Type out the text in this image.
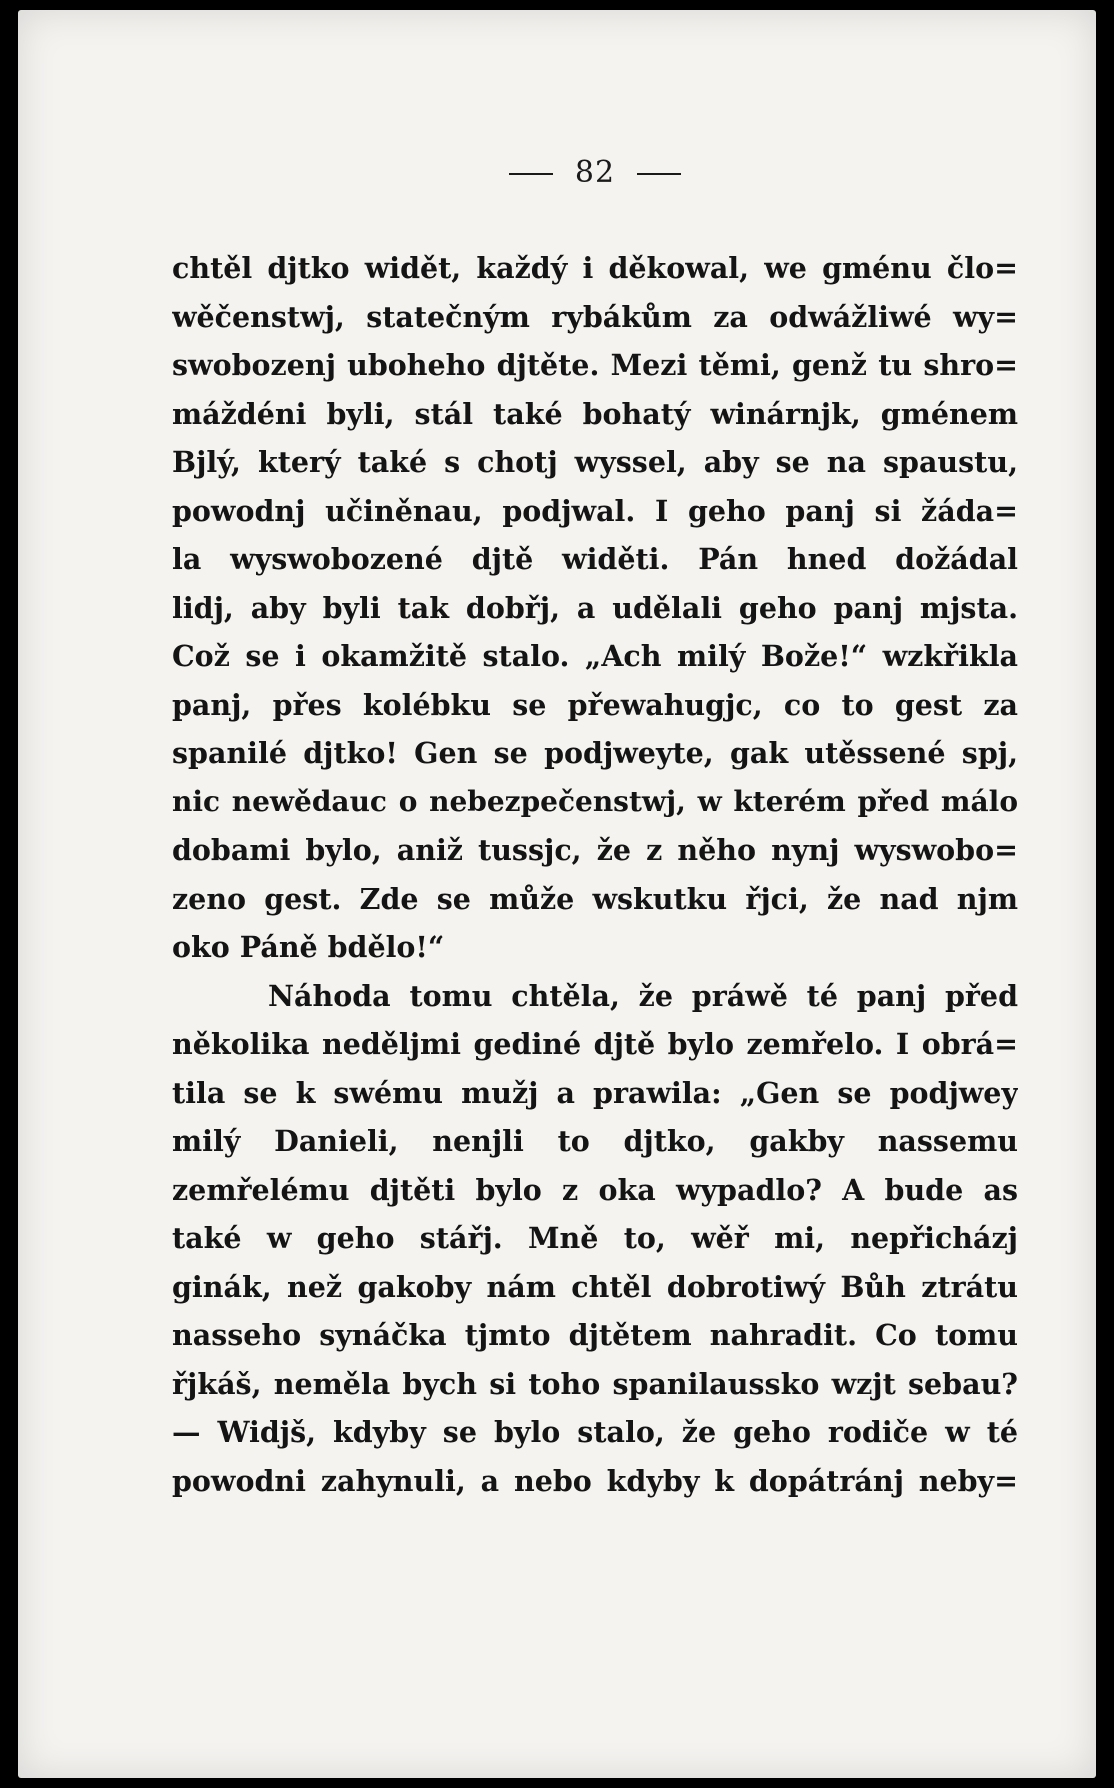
82
chtěl djtko widět, každý i děkowal, we gménu člo=
wěčenstwj, statečným rybákům za odwážliwé wy=
swobozenj uboheho djtěte. Mezi těmi, genž tu shro=
máždéni byli, stál také bohatý winárnjk, gménem
Bjlý, který také s chotj wyssel, aby se na spaustu,
powodnj učiněnau, podjwal. I geho panj si žáda=
la wyswobozené djtě widěti. Pán hned dožádal
lidj, aby byli tak dobřj, a udělali geho panj mjsta.
Což se i okamžitě stalo. „Ach milý Bože!“ wzkřikla
panj, přes kolébku se přewahugjc, co to gest za
spanilé djtko! Gen se podjweyte, gak utěssené spj,
nic newědauc o nebezpečenstwj, w kterém před málo
dobami bylo, aniž tussjc, že z něho nynj wyswobo=
zeno gest. Zde se může wskutku řjci, že nad njm
oko Páně bdělo!“
Náhoda tomu chtěla, že práwě té panj před
několika neděljmi gediné djtě bylo zemřelo. I obrá=
tila se k swému mužj a prawila: „Gen se podjwey
milý Danieli, nenjli to djtko, gakby nassemu
zemřelému djtěti bylo z oka wypadlo? A bude as
také w geho stářj. Mně to, wěř mi, nepřicházj
ginák, než gakoby nám chtěl dobrotiwý Bůh ztrátu
nasseho synáčka tjmto djtětem nahradit. Co tomu
řjkáš, neměla bych si toho spanilaussko wzjt sebau?
— Widjš, kdyby se bylo stalo, že geho rodiče w té
powodni zahynuli, a nebo kdyby k dopátránj neby=
